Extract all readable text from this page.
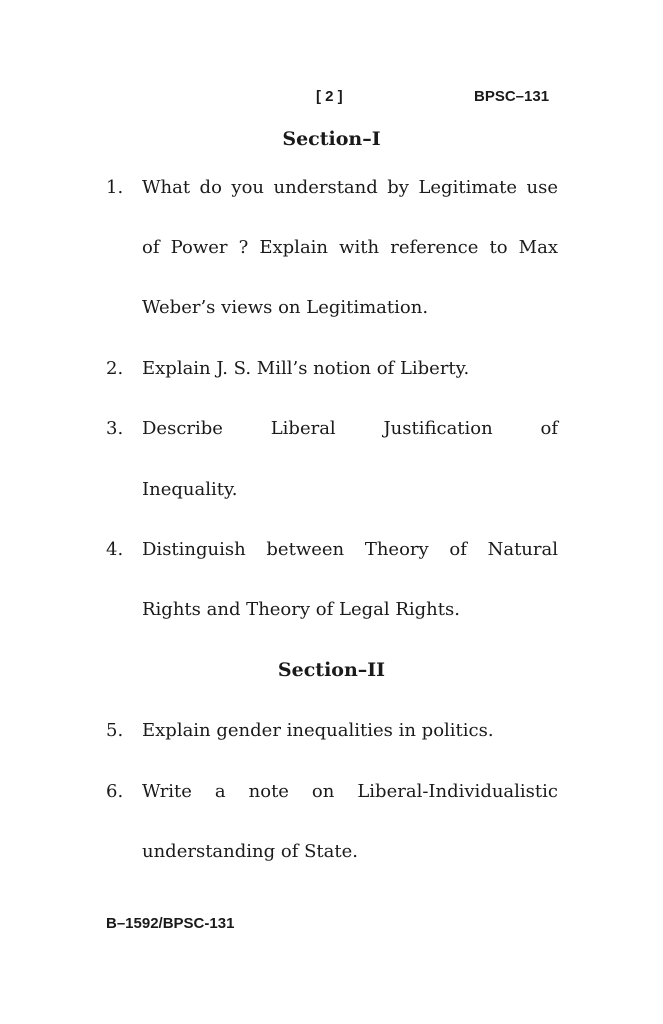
[ 2 ]	BPSC–131
Section–I
1. What do you understand by Legitimate use
of Power ? Explain with reference to Max
Weber’s views on Legitimation.
2. Explain J. S. Mill’s notion of Liberty.
3. Describe Liberal Justification of
Inequality.
4. Distinguish between Theory of Natural
Rights and Theory of Legal Rights.
Section–II
5. Explain gender inequalities in politics.
6. Write a note on Liberal-Individualistic
understanding of State.
B–1592/BPSC-131
